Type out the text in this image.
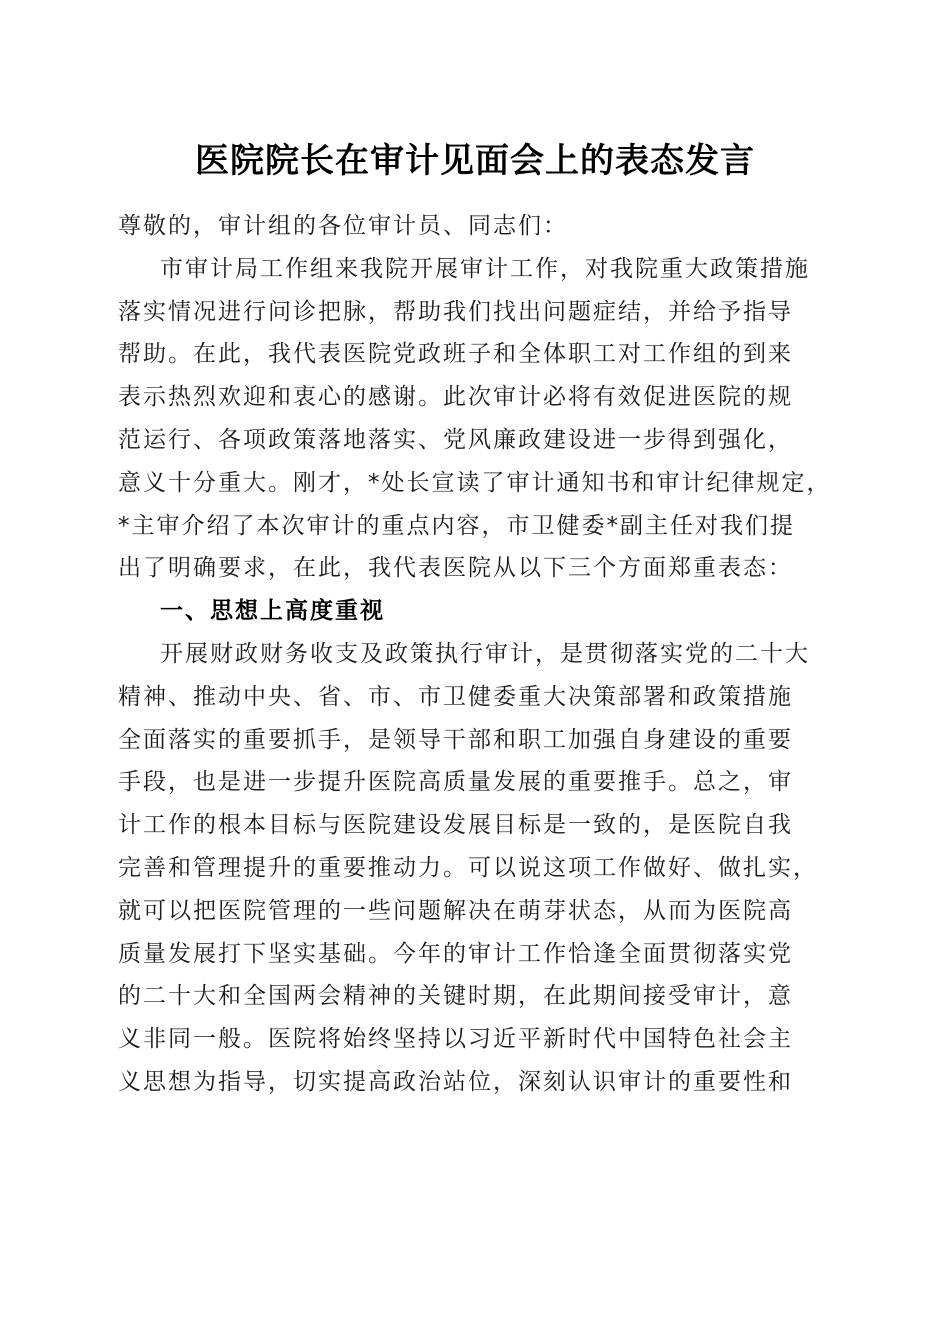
医院院长在审计见面会上的表态发言
尊敬的，审计组的各位审计员、同志们：
市审计局工作组来我院开展审计工作，对我院重大政策措施
落实情况进行问诊把脉，帮助我们找出问题症结，并给予指导
帮助。在此，我代表医院党政班子和全体职工对工作组的到来
表示热烈欢迎和衷心的感谢。此次审计必将有效促进医院的规
范运行、各项政策落地落实、党风廉政建设进一步得到强化，
意义十分重大。刚才，*处长宣读了审计通知书和审计纪律规定，
*主审介绍了本次审计的重点内容，市卫健委*副主任对我们提
出了明确要求，在此，我代表医院从以下三个方面郑重表态：
一、思想上高度重视
开展财政财务收支及政策执行审计，是贯彻落实党的二十大
精神、推动中央、省、市、市卫健委重大决策部署和政策措施
全面落实的重要抓手，是领导干部和职工加强自身建设的重要
手段，也是进一步提升医院高质量发展的重要推手。总之，审
计工作的根本目标与医院建设发展目标是一致的，是医院自我
完善和管理提升的重要推动力。可以说这项工作做好、做扎实，
就可以把医院管理的一些问题解决在萌芽状态，从而为医院高
质量发展打下坚实基础。今年的审计工作恰逢全面贯彻落实党
的二十大和全国两会精神的关键时期，在此期间接受审计，意
义非同一般。医院将始终坚持以习近平新时代中国特色社会主
义思想为指导，切实提高政治站位，深刻认识审计的重要性和
